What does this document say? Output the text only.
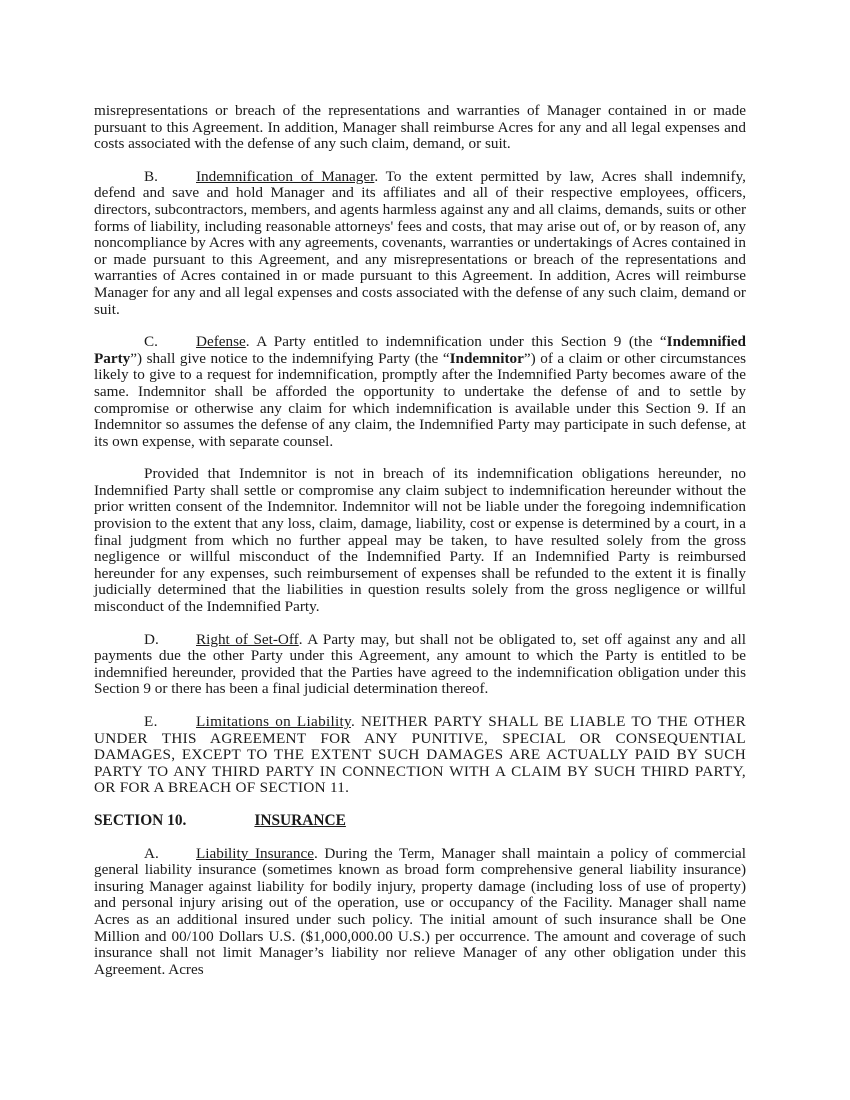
misrepresentations or breach of the representations and warranties of Manager contained in or made pursuant to this Agreement. In addition, Manager shall reimburse Acres for any and all legal expenses and costs associated with the defense of any such claim, demand, or suit.

B.	Indemnification of Manager. To the extent permitted by law, Acres shall indemnify, defend and save and hold Manager and its affiliates and all of their respective employees, officers, directors, subcontractors, members, and agents harmless against any and all claims, demands, suits or other forms of liability, including reasonable attorneys' fees and costs, that may arise out of, or by reason of, any noncompliance by Acres with any agreements, covenants, warranties or undertakings of Acres contained in or made pursuant to this Agreement, and any misrepresentations or breach of the representations and warranties of Acres contained in or made pursuant to this Agreement. In addition, Acres will reimburse Manager for any and all legal expenses and costs associated with the defense of any such claim, demand or suit.

C.	Defense. A Party entitled to indemnification under this Section 9 (the “Indemnified Party”) shall give notice to the indemnifying Party (the “Indemnitor”) of a claim or other circumstances likely to give to a request for indemnification, promptly after the Indemnified Party becomes aware of the same. Indemnitor shall be afforded the opportunity to undertake the defense of and to settle by compromise or otherwise any claim for which indemnification is available under this Section 9. If an Indemnitor so assumes the defense of any claim, the Indemnified Party may participate in such defense, at its own expense, with separate counsel.

Provided that Indemnitor is not in breach of its indemnification obligations hereunder, no Indemnified Party shall settle or compromise any claim subject to indemnification hereunder without the prior written consent of the Indemnitor. Indemnitor will not be liable under the foregoing indemnification provision to the extent that any loss, claim, damage, liability, cost or expense is determined by a court, in a final judgment from which no further appeal may be taken, to have resulted solely from the gross negligence or willful misconduct of the Indemnified Party. If an Indemnified Party is reimbursed hereunder for any expenses, such reimbursement of expenses shall be refunded to the extent it is finally judicially determined that the liabilities in question results solely from the gross negligence or willful misconduct of the Indemnified Party.

D. Right of Set-Off. A Party may, but shall not be obligated to, set off against any and all payments due the other Party under this Agreement, any amount to which the Party is entitled to be indemnified hereunder, provided that the Parties have agreed to the indemnification obligation under this Section 9 or there has been a final judicial determination thereof.

E.	Limitations on Liability. NEITHER PARTY SHALL BE LIABLE TO THE OTHER UNDER THIS AGREEMENT FOR ANY PUNITIVE, SPECIAL OR CONSEQUENTIAL DAMAGES, EXCEPT TO THE EXTENT SUCH DAMAGES ARE ACTUALLY PAID BY SUCH PARTY TO ANY THIRD PARTY IN CONNECTION WITH A CLAIM BY SUCH THIRD PARTY, OR FOR A BREACH OF SECTION 11.

SECTION 10.	INSURANCE

A. Liability Insurance. During the Term, Manager shall maintain a policy of commercial general liability insurance (sometimes known as broad form comprehensive general liability insurance) insuring Manager against liability for bodily injury, property damage (including loss of use of property) and personal injury arising out of the operation, use or occupancy of the Facility. Manager shall name Acres as an additional insured under such policy. The initial amount of such insurance shall be One Million and 00/100 Dollars U.S. ($1,000,000.00 U.S.) per occurrence. The amount and coverage of such insurance shall not limit Manager’s liability nor relieve Manager of any other obligation under this Agreement. Acres
